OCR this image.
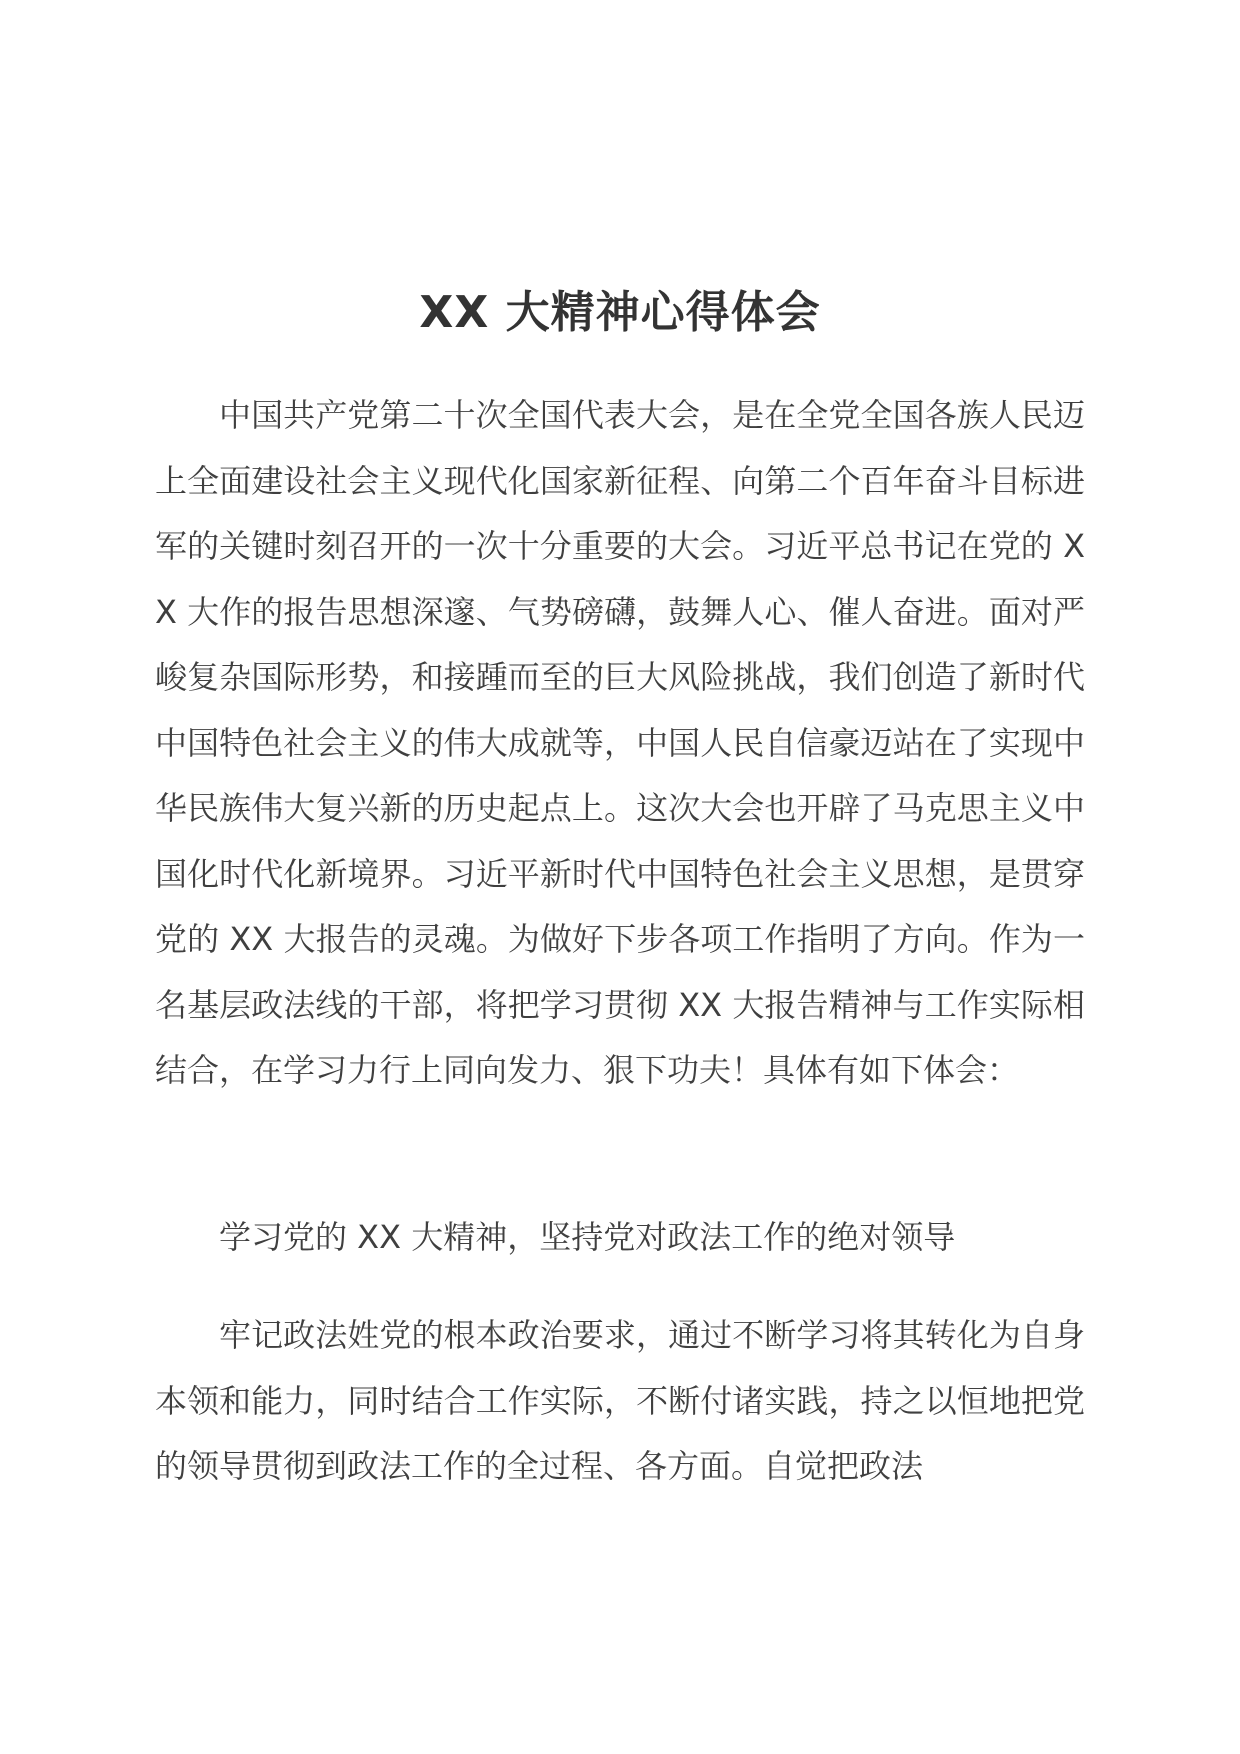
XX 大精神心得体会

中国共产党第二十次全国代表大会，是在全党全国各族人民迈上全面建设社会主义现代化国家新征程、向第二个百年奋斗目标进军的关键时刻召开的一次十分重要的大会。习近平总书记在党的 XX 大作的报告思想深邃、气势磅礴，鼓舞人心、催人奋进。面对严峻复杂国际形势，和接踵而至的巨大风险挑战，我们创造了新时代中国特色社会主义的伟大成就等，中国人民自信豪迈站在了实现中华民族伟大复兴新的历史起点上。这次大会也开辟了马克思主义中国化时代化新境界。习近平新时代中国特色社会主义思想，是贯穿党的 XX 大报告的灵魂。为做好下步各项工作指明了方向。作为一名基层政法线的干部，将把学习贯彻 XX 大报告精神与工作实际相结合，在学习力行上同向发力、狠下功夫！具体有如下体会：

学习党的 XX 大精神，坚持党对政法工作的绝对领导

牢记政法姓党的根本政治要求，通过不断学习将其转化为自身本领和能力，同时结合工作实际，不断付诸实践，持之以恒地把党的领导贯彻到政法工作的全过程、各方面。自觉把政法
